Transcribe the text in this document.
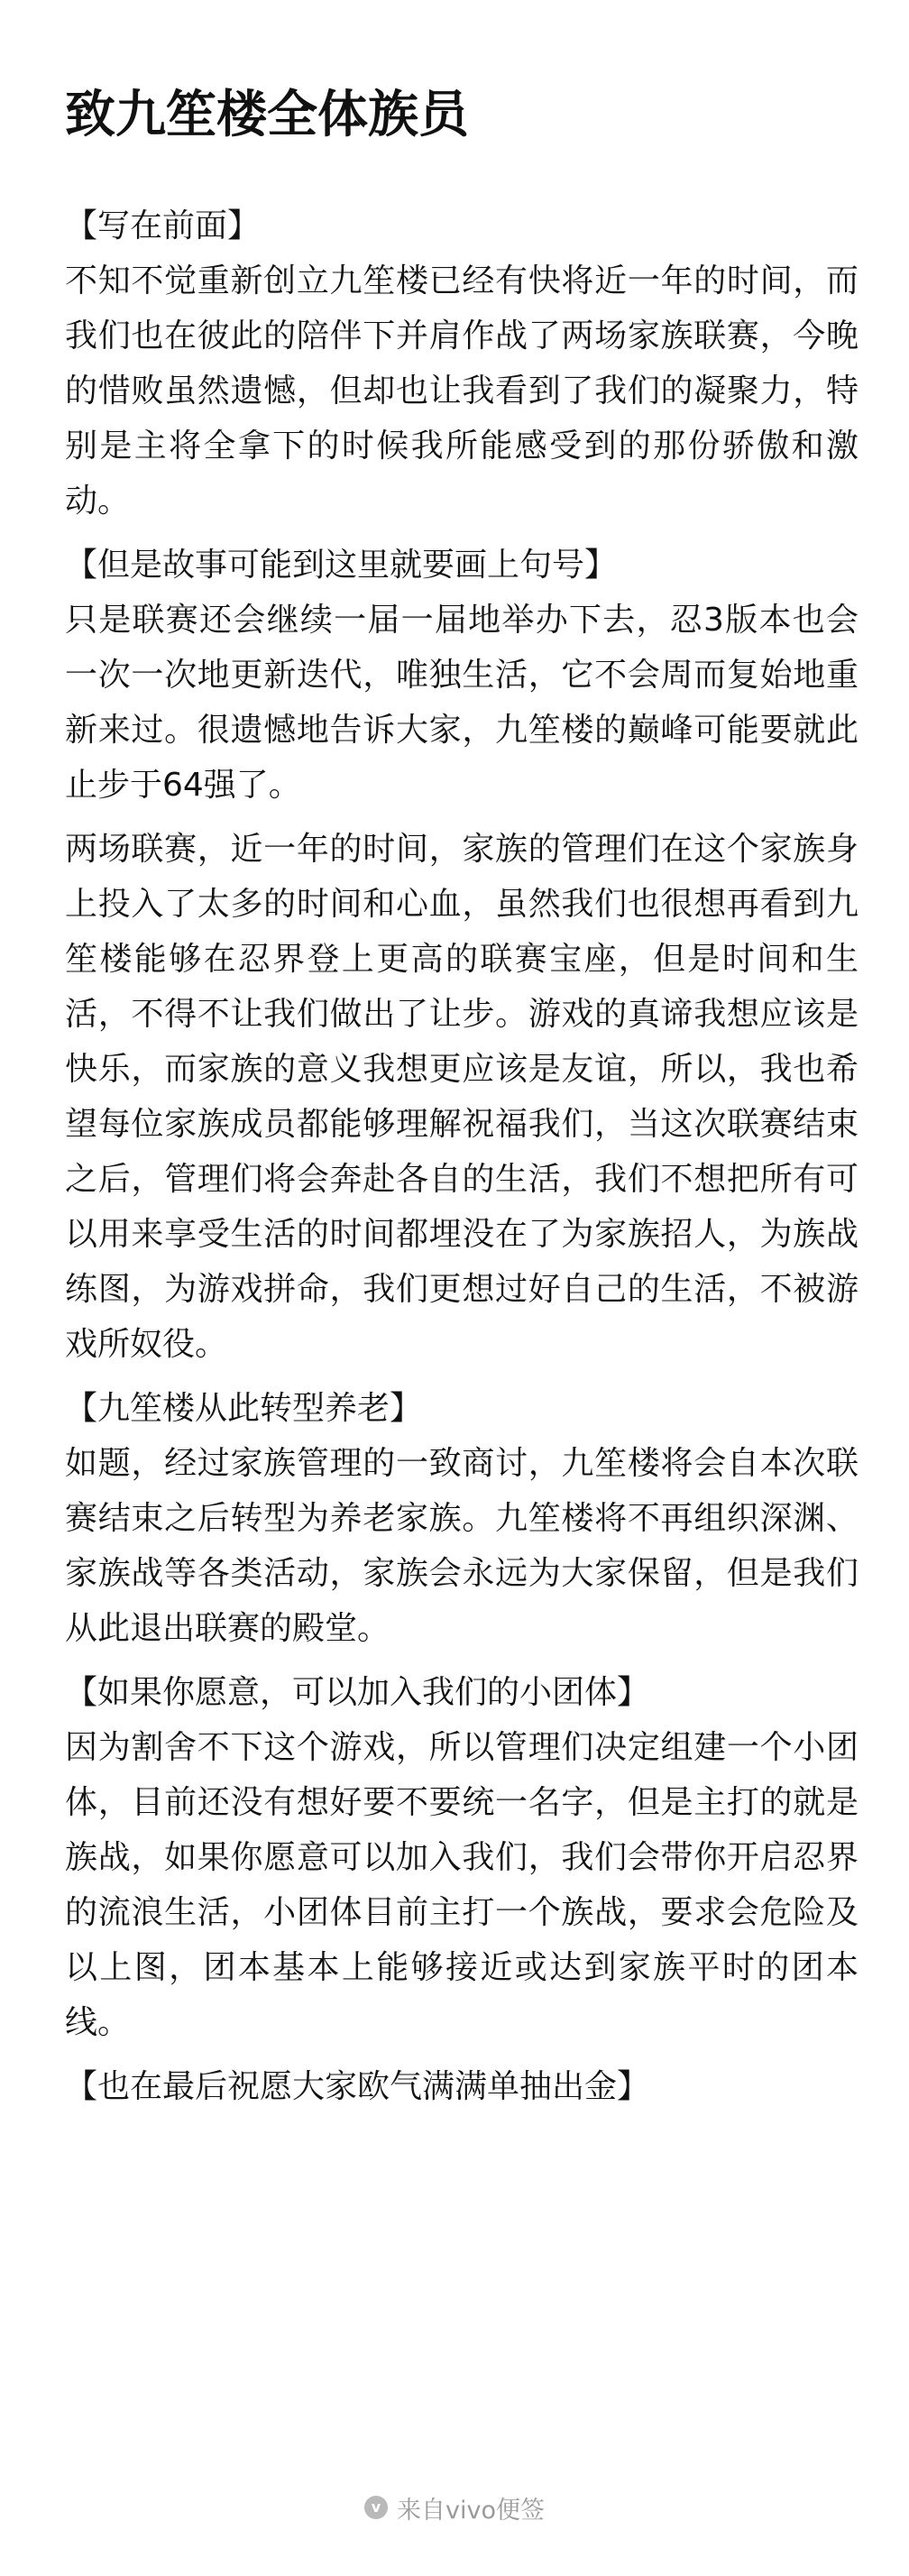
致九笙楼全体族员

【写在前面】

不知不觉重新创立九笙楼已经有快将近一年的时间，而我们也在彼此的陪伴下并肩作战了两场家族联赛，今晚的惜败虽然遗憾，但却也让我看到了我们的凝聚力，特别是主将全拿下的时候我所能感受到的那份骄傲和激动。

【但是故事可能到这里就要画上句号】

只是联赛还会继续一届一届地举办下去，忍3版本也会一次一次地更新迭代，唯独生活，它不会周而复始地重新来过。很遗憾地告诉大家，九笙楼的巅峰可能要就此止步于64强了。

两场联赛，近一年的时间，家族的管理们在这个家族身上投入了太多的时间和心血，虽然我们也很想再看到九笙楼能够在忍界登上更高的联赛宝座，但是时间和生活，不得不让我们做出了让步。游戏的真谛我想应该是快乐，而家族的意义我想更应该是友谊，所以，我也希望每位家族成员都能够理解祝福我们，当这次联赛结束之后，管理们将会奔赴各自的生活，我们不想把所有可以用来享受生活的时间都埋没在了为家族招人，为族战练图，为游戏拼命，我们更想过好自己的生活，不被游戏所奴役。

【九笙楼从此转型养老】

如题，经过家族管理的一致商讨，九笙楼将会自本次联赛结束之后转型为养老家族。九笙楼将不再组织深渊、家族战等各类活动，家族会永远为大家保留，但是我们从此退出联赛的殿堂。

【如果你愿意，可以加入我们的小团体】

因为割舍不下这个游戏，所以管理们决定组建一个小团体，目前还没有想好要不要统一名字，但是主打的就是族战，如果你愿意可以加入我们，我们会带你开启忍界的流浪生活，小团体目前主打一个族战，要求会危险及以上图，团本基本上能够接近或达到家族平时的团本线。

【也在最后祝愿大家欧气满满单抽出金】

v 来自vivo便签
